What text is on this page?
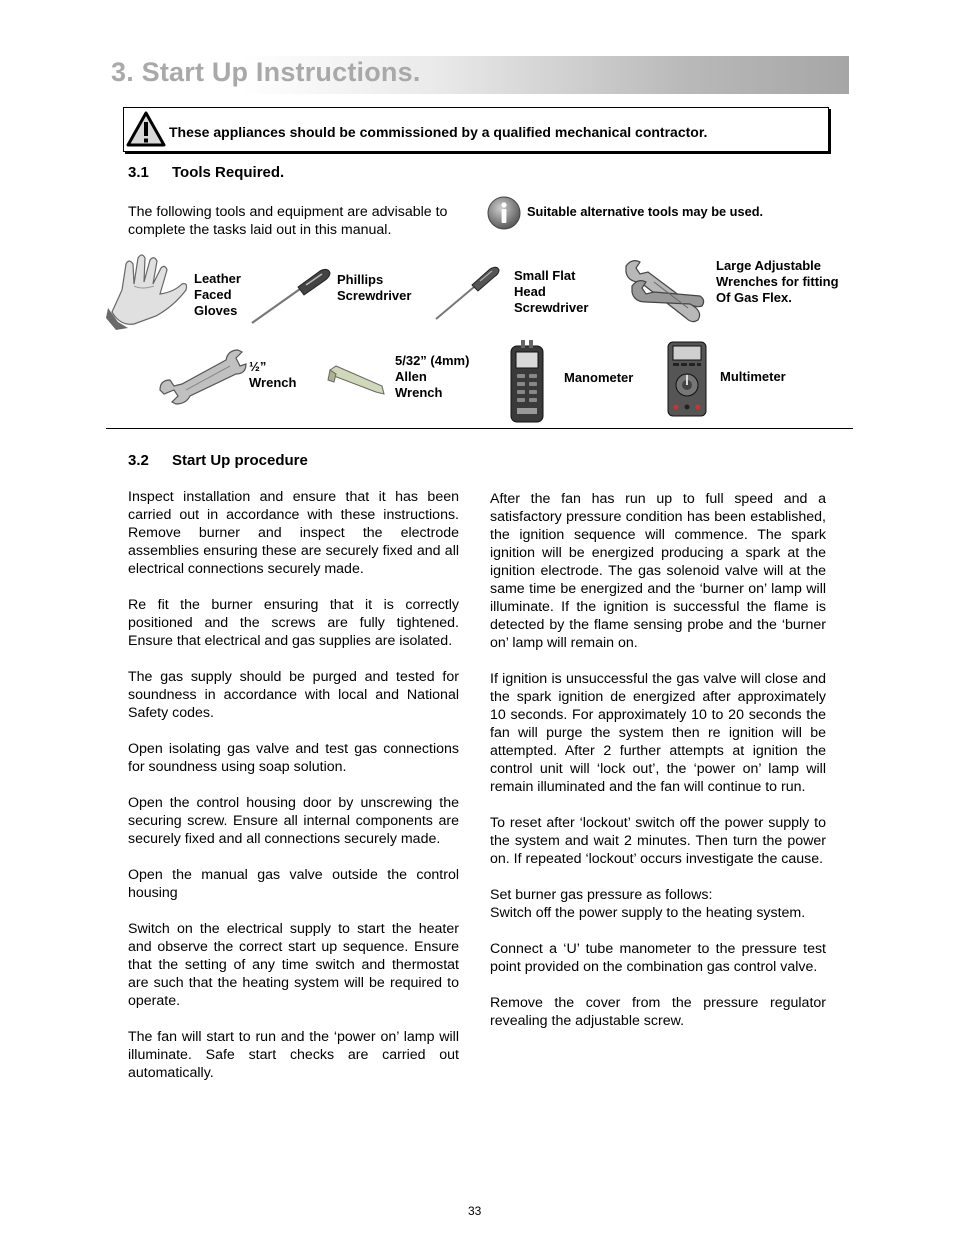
3. Start Up Instructions.
These appliances should be commissioned by a qualified mechanical contractor.
3.1 Tools Required.
The following tools and equipment are advisable to complete the tasks laid out in this manual.
Suitable alternative tools may be used.
Leather
Faced
Gloves
Phillips
Screwdriver
Small Flat
Head
Screwdriver
Large Adjustable
Wrenches for fitting
Of Gas Flex.
½”
Wrench
5/32” (4mm)
Allen
Wrench
Manometer	Multimeter
3.2 Start Up procedure

Inspect installation and ensure that it has been carried out in accordance with these instructions. Remove burner and inspect the electrode assemblies ensuring these are securely fixed and all electrical connections securely made.

Re fit the burner ensuring that it is correctly positioned and the screws are fully tightened. Ensure that electrical and gas supplies are isolated.

The gas supply should be purged and tested for soundness in accordance with local and National Safety codes.

Open isolating gas valve and test gas connections for soundness using soap solution.

Open the control housing door by unscrewing the securing screw. Ensure all internal components are securely fixed and all connections securely made.

Open the manual gas valve outside the control housing

Switch on the electrical supply to start the heater and observe the correct start up sequence. Ensure that the setting of any time switch and thermostat are such that the heating system will be required to operate.

The fan will start to run and the ‘power on’ lamp will illuminate. Safe start checks are carried out automatically.

After the fan has run up to full speed and a satisfactory pressure condition has been established, the ignition sequence will commence. The spark ignition will be energized producing a spark at the ignition electrode. The gas solenoid valve will at the same time be energized and the ‘burner on’ lamp will illuminate. If the ignition is successful the flame is detected by the flame sensing probe and the ‘burner on’ lamp will remain on.

If ignition is unsuccessful the gas valve will close and the spark ignition de energized after approximately 10 seconds. For approximately 10 to 20 seconds the fan will purge the system then re ignition will be attempted. After 2 further attempts at ignition the control unit will ‘lock out’, the ‘power on’ lamp will remain illuminated and the fan will continue to run.

To reset after ‘lockout’ switch off the power supply to the system and wait 2 minutes. Then turn the power on. If repeated ‘lockout’ occurs investigate the cause.

Set burner gas pressure as follows:
Switch off the power supply to the heating system.

Connect a ‘U’ tube manometer to the pressure test point provided on the combination gas control valve.

Remove the cover from the pressure regulator revealing the adjustable screw.

33
